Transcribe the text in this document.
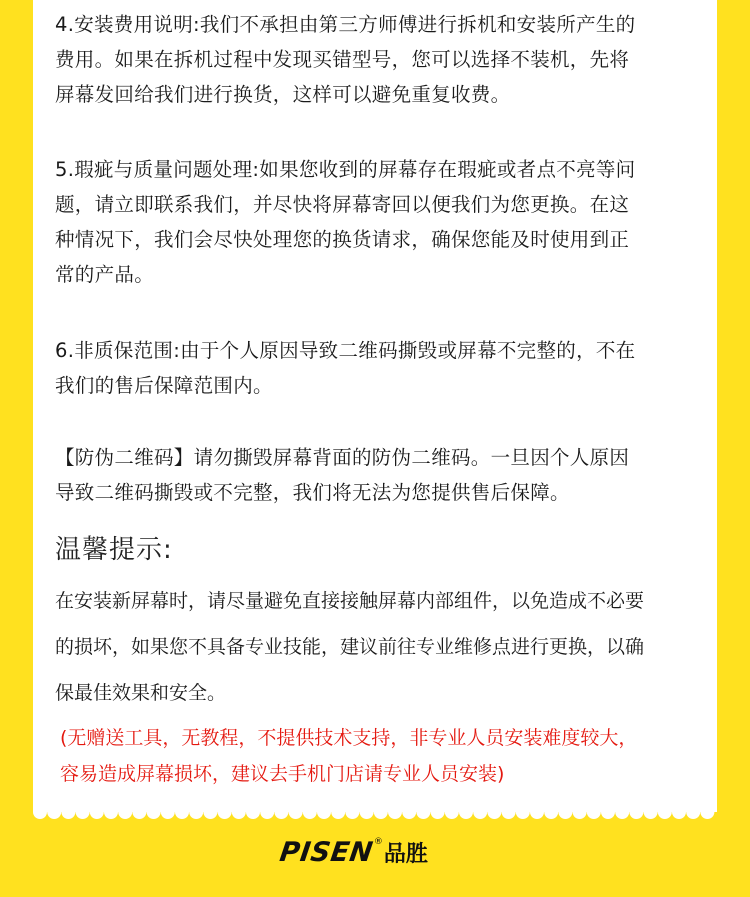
4.安装费用说明:我们不承担由第三方师傅进行拆机和安装所产生的
费用。如果在拆机过程中发现买错型号，您可以选择不装机，先将
屏幕发回给我们进行换货，这样可以避免重复收费。

5.瑕疵与质量问题处理:如果您收到的屏幕存在瑕疵或者点不亮等问
题，请立即联系我们，并尽快将屏幕寄回以便我们为您更换。在这
种情况下，我们会尽快处理您的换货请求，确保您能及时使用到正
常的产品。

6.非质保范围:由于个人原因导致二维码撕毁或屏幕不完整的，不在
我们的售后保障范围内。

【防伪二维码】请勿撕毁屏幕背面的防伪二维码。一旦因个人原因
导致二维码撕毁或不完整，我们将无法为您提供售后保障。

温馨提示:

在安装新屏幕时，请尽量避免直接接触屏幕内部组件，以免造成不必要
的损坏，如果您不具备专业技能，建议前往专业维修点进行更换，以确
保最佳效果和安全。

(无赠送工具，无教程，不提供技术支持，非专业人员安装难度较大，
容易造成屏幕损坏，建议去手机门店请专业人员安装)

PISEN
® 品胜
